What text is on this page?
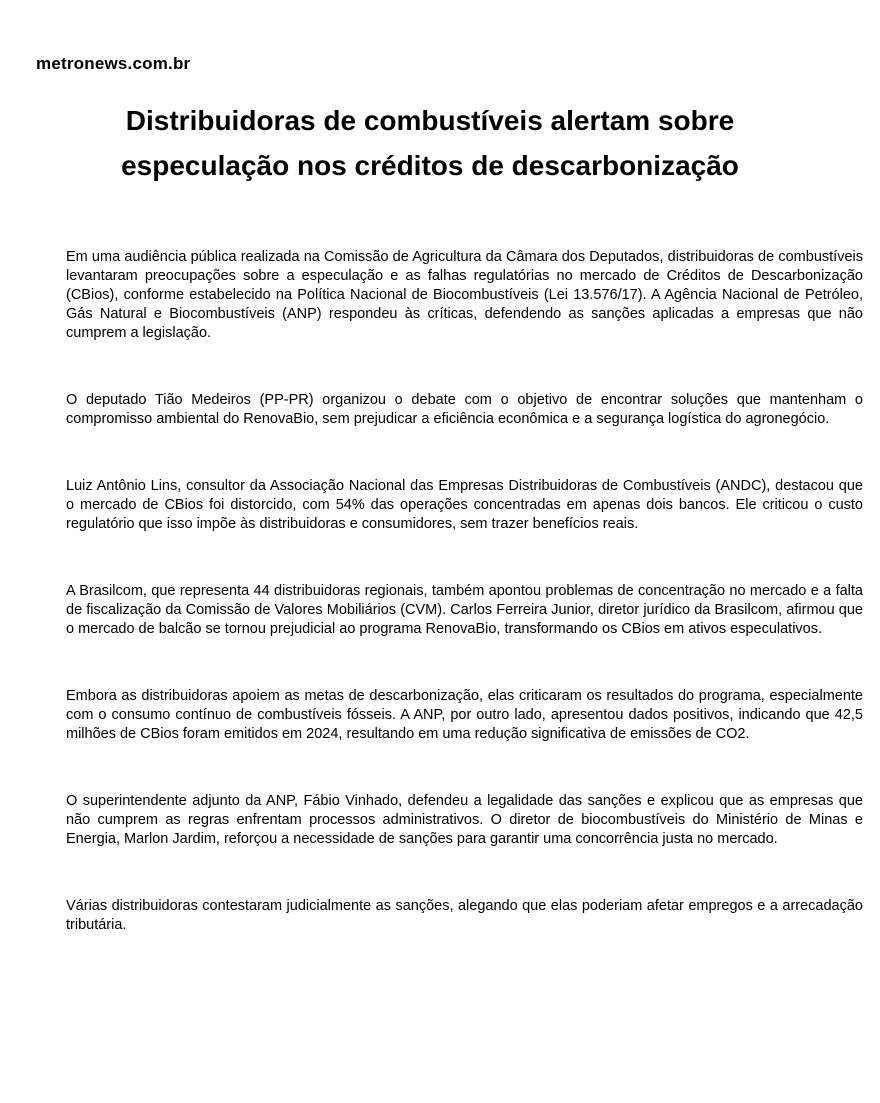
metronews.com.br
Distribuidoras de combustíveis alertam sobre especulação nos créditos de descarbonização

Em uma audiência pública realizada na Comissão de Agricultura da Câmara dos Deputados, distribuidoras de combustíveis levantaram preocupações sobre a especulação e as falhas regulatórias no mercado de Créditos de Descarbonização (CBios), conforme estabelecido na Política Nacional de Biocombustíveis (Lei 13.576/17). A Agência Nacional de Petróleo, Gás Natural e Biocombustíveis (ANP) respondeu às críticas, defendendo as sanções aplicadas a empresas que não cumprem a legislação.

O deputado Tião Medeiros (PP-PR) organizou o debate com o objetivo de encontrar soluções que mantenham o compromisso ambiental do RenovaBio, sem prejudicar a eficiência econômica e a segurança logística do agronegócio.

Luiz Antônio Lins, consultor da Associação Nacional das Empresas Distribuidoras de Combustíveis (ANDC), destacou que o mercado de CBios foi distorcido, com 54% das operações concentradas em apenas dois bancos. Ele criticou o custo regulatório que isso impõe às distribuidoras e consumidores, sem trazer benefícios reais.

A Brasilcom, que representa 44 distribuidoras regionais, também apontou problemas de concentração no mercado e a falta de fiscalização da Comissão de Valores Mobiliários (CVM). Carlos Ferreira Junior, diretor jurídico da Brasilcom, afirmou que o mercado de balcão se tornou prejudicial ao programa RenovaBio, transformando os CBios em ativos especulativos.

Embora as distribuidoras apoiem as metas de descarbonização, elas criticaram os resultados do programa, especialmente com o consumo contínuo de combustíveis fósseis. A ANP, por outro lado, apresentou dados positivos, indicando que 42,5 milhões de CBios foram emitidos em 2024, resultando em uma redução significativa de emissões de CO2.

O superintendente adjunto da ANP, Fábio Vinhado, defendeu a legalidade das sanções e explicou que as empresas que não cumprem as regras enfrentam processos administrativos. O diretor de biocombustíveis do Ministério de Minas e Energia, Marlon Jardim, reforçou a necessidade de sanções para garantir uma concorrência justa no mercado.

Várias distribuidoras contestaram judicialmente as sanções, alegando que elas poderiam afetar empregos e a arrecadação tributária.
